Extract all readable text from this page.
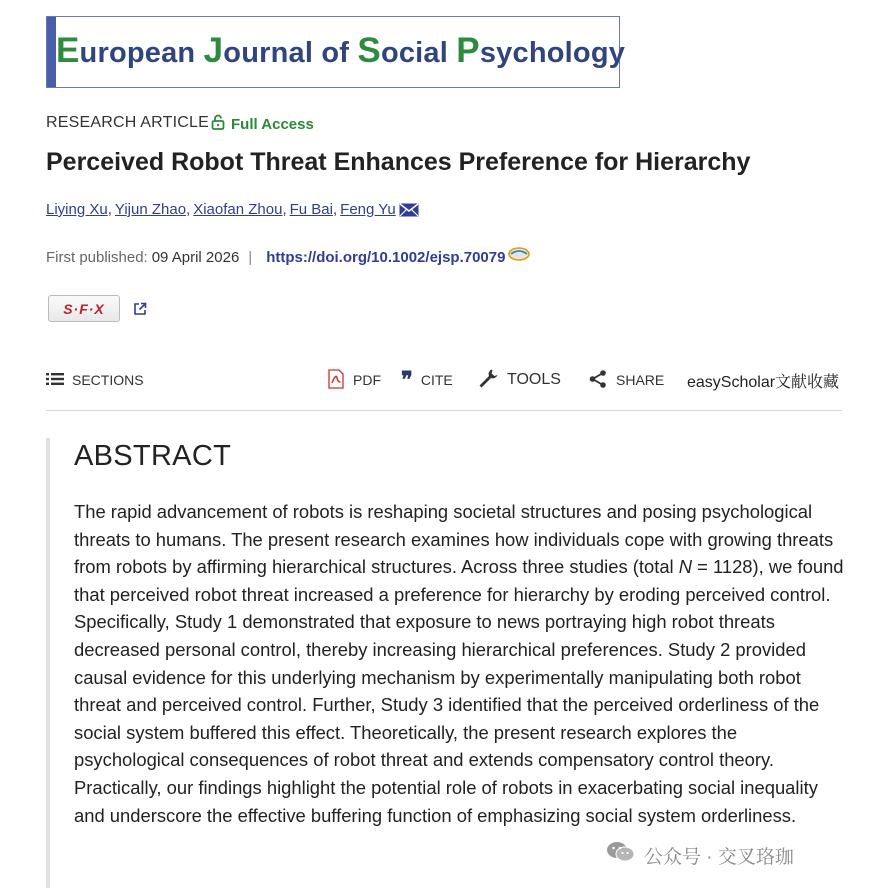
European Journal of Social Psychology
RESEARCH ARTICLE Full Access
Perceived Robot Threat Enhances Preference for Hierarchy
Liying Xu , Yijun Zhao , Xiaofan Zhou , Fu Bai , Feng Yu
First published: 09 April 2026 | https://doi.org/10.1002/ejsp.70079
S·F·X
SECTIONS	PDF ❞ CITE	TOOLS	SHARE easyScholar文献收藏
ABSTRACT
The rapid advancement of robots is reshaping societal structures and posing psychological threats to humans. The present research examines how individuals cope with growing threats from robots by affirming hierarchical structures. Across three studies (total N = 1128), we found that perceived robot threat increased a preference for hierarchy by eroding perceived control. Specifically, Study 1 demonstrated that exposure to news portraying high robot threats decreased personal control, thereby increasing hierarchical preferences. Study 2 provided causal evidence for this underlying mechanism by experimentally manipulating both robot threat and perceived control. Further, Study 3 identified that the perceived orderliness of the social system buffered this effect. Theoretically, the present research explores the psychological consequences of robot threat and extends compensatory control theory. Practically, our findings highlight the potential role of robots in exacerbating social inequality and underscore the effective buffering function of emphasizing social system orderliness.
公众号 · 交叉珞珈
